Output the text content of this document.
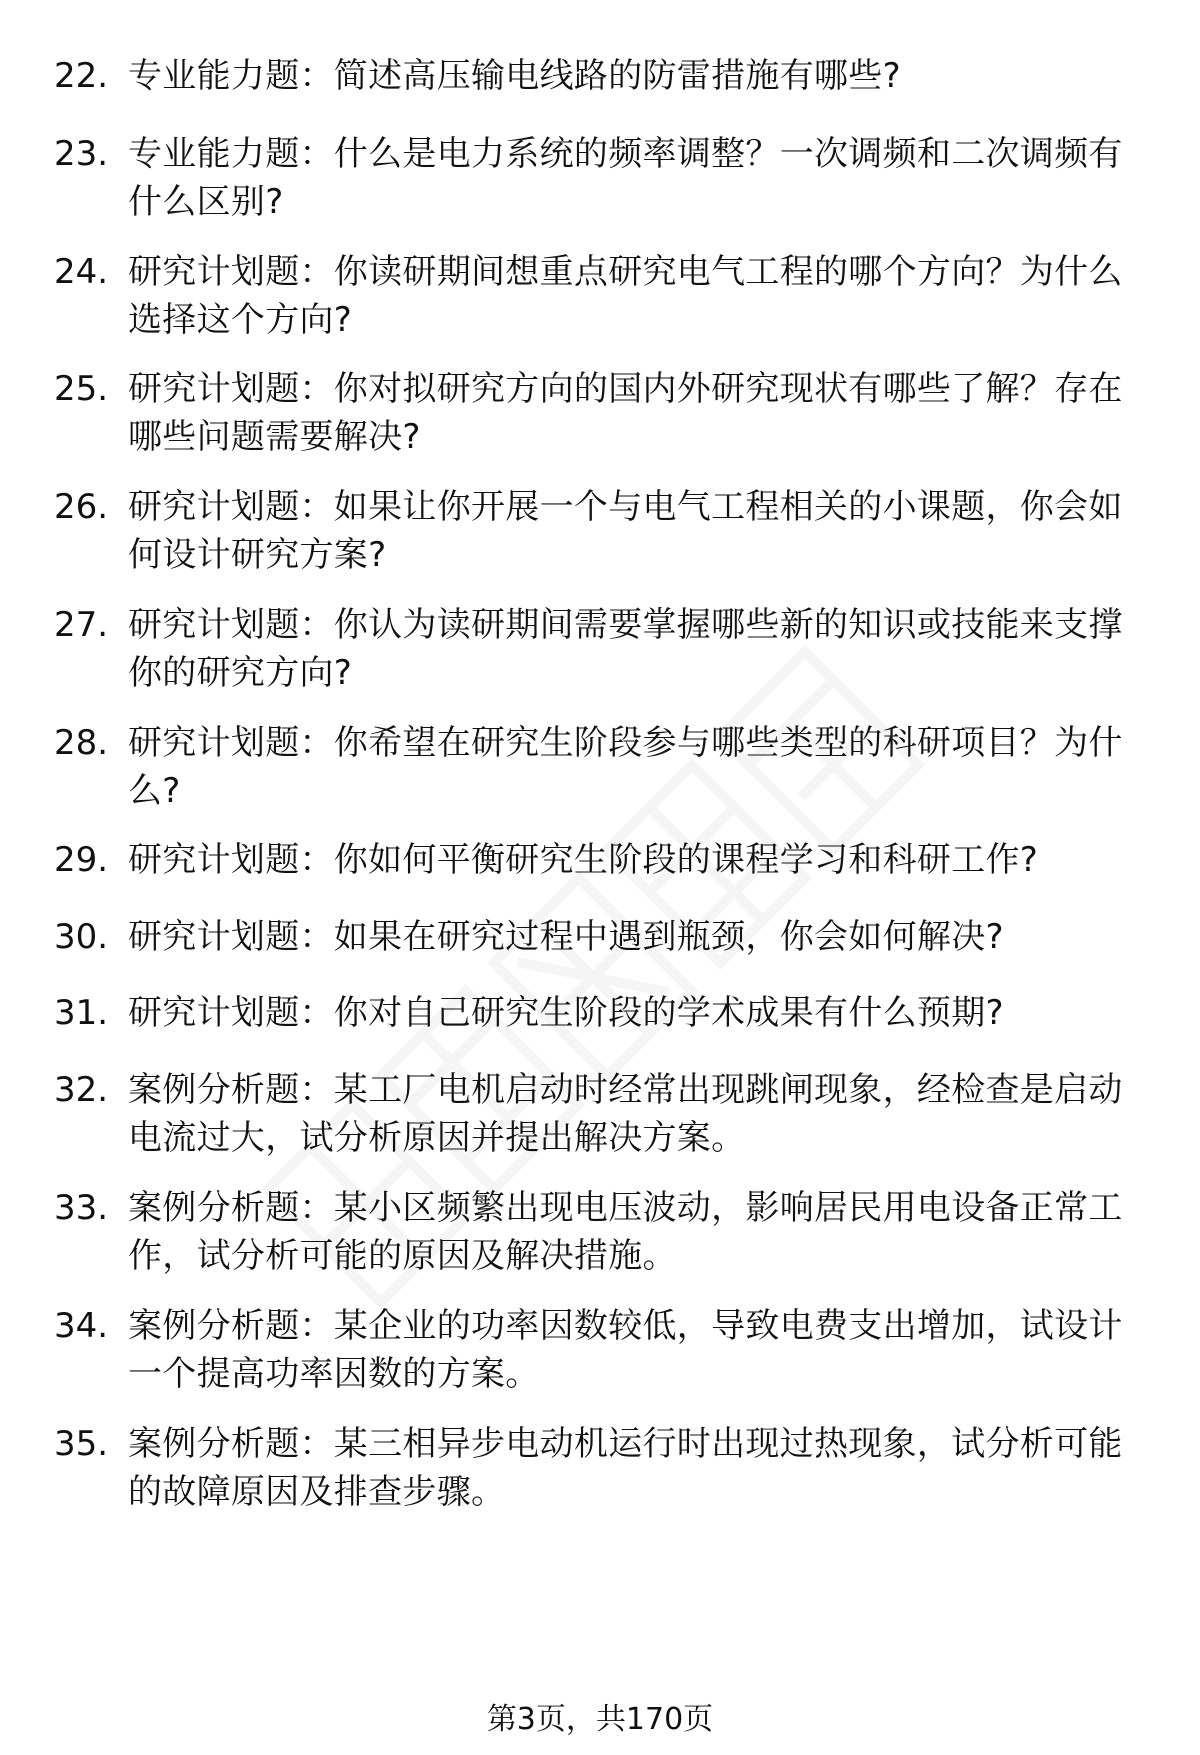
22. 专业能力题：简述高压输电线路的防雷措施有哪些?
23. 专业能力题：什么是电力系统的频率调整？一次调频和二次调频有什么区别?
24. 研究计划题：你读研期间想重点研究电气工程的哪个方向？为什么选择这个方向?
25. 研究计划题：你对拟研究方向的国内外研究现状有哪些了解？存在哪些问题需要解决?
26. 研究计划题：如果让你开展一个与电气工程相关的小课题，你会如何设计研究方案?
27. 研究计划题：你认为读研期间需要掌握哪些新的知识或技能来支撑你的研究方向?
28. 研究计划题：你希望在研究生阶段参与哪些类型的科研项目？为什么?
29. 研究计划题：你如何平衡研究生阶段的课程学习和科研工作?
30. 研究计划题：如果在研究过程中遇到瓶颈，你会如何解决?
31. 研究计划题：你对自己研究生阶段的学术成果有什么预期?
32. 案例分析题：某工厂电机启动时经常出现跳闸现象，经检查是启动电流过大，试分析原因并提出解决方案。
33. 案例分析题：某小区频繁出现电压波动，影响居民用电设备正常工作，试分析可能的原因及解决措施。
34. 案例分析题：某企业的功率因数较低，导致电费支出增加，试设计一个提高功率因数的方案。
35. 案例分析题：某三相异步电动机运行时出现过热现象，试分析可能的故障原因及排查步骤。
第3页，共170页
